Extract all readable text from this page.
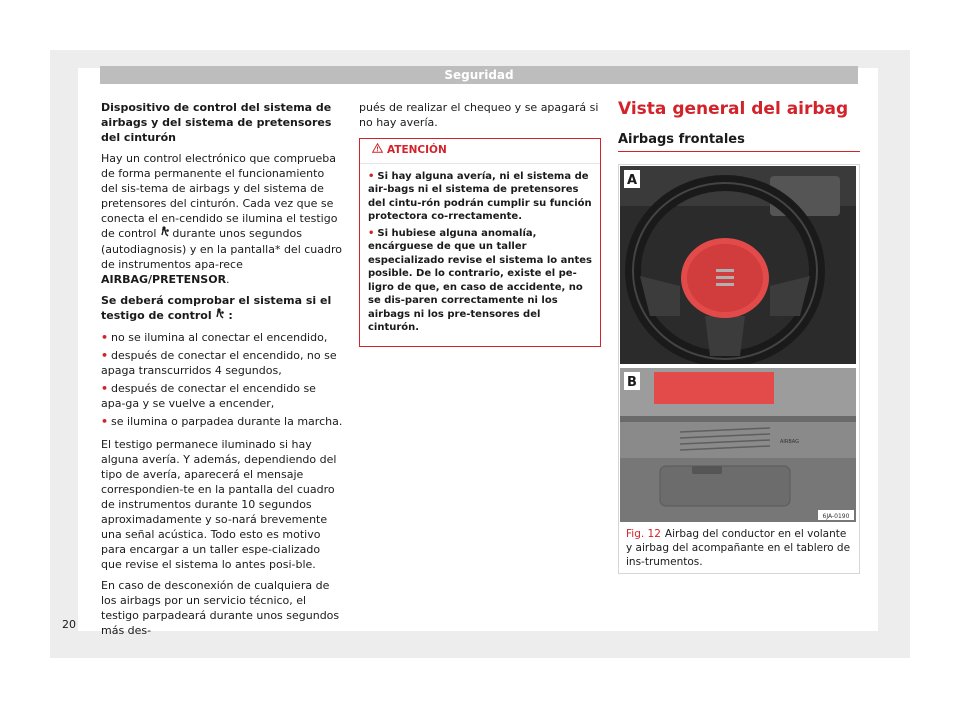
Seguridad

Dispositivo de control del sistema de airbags y del sistema de pretensores del cinturón

Hay un control electrónico que comprueba de forma permanente el funcionamiento del sis-tema de airbags y del sistema de pretensores del cinturón. Cada vez que se conecta el en-cendido se ilumina el testigo de control durante unos segundos (autodiagnosis) y en la pantalla* del cuadro de instrumentos apa-rece AIRBAG/PRETENSOR.

Se deberá comprobar el sistema si el testigo de control :

• no se ilumina al conectar el encendido,
• después de conectar el encendido, no se apaga transcurridos 4 segundos,
• después de conectar el encendido se apa-ga y se vuelve a encender,
• se ilumina o parpadea durante la marcha.

El testigo permanece iluminado si hay alguna avería. Y además, dependiendo del tipo de avería, aparecerá el mensaje correspondien-te en la pantalla del cuadro de instrumentos durante 10 segundos aproximadamente y so-nará brevemente una señal acústica. Todo esto es motivo para encargar a un taller espe-cializado que revise el sistema lo antes posi-ble.

En caso de desconexión de cualquiera de los airbags por un servicio técnico, el testigo parpadeará durante unos segundos más des-

pués de realizar el chequeo y se apagará si no hay avería.

ATENCIÓN
• Si hay alguna avería, ni el sistema de air-bags ni el sistema de pretensores del cintu-rón podrán cumplir su función protectora co-rrectamente.
• Si hubiese alguna anomalía, encárguese de que un taller especializado revise el sistema lo antes posible. De lo contrario, existe el pe-ligro de que, en caso de accidente, no se dis-paren correctamente ni los airbags ni los pre-tensores del cinturón.
Vista general del airbag
Airbags frontales
A
AIRBAG
B
6JA-0190
Fig. 12 Airbag del conductor en el volante y airbag del acompañante en el tablero de ins-trumentos.
20
